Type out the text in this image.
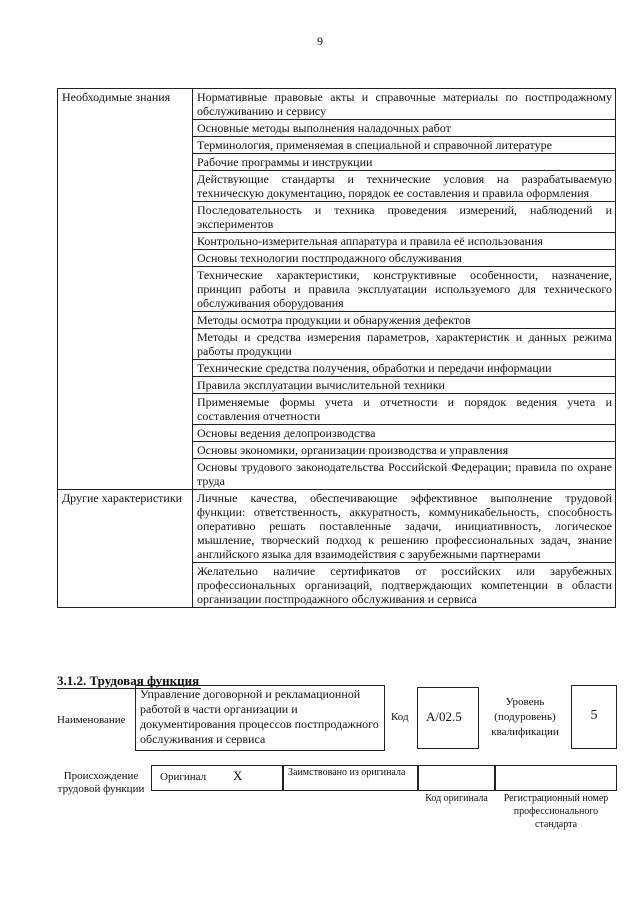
9
Необходимые знания	Нормативные правовые акты и справочные материалы по постпродажному обслуживанию и сервису
	Основные методы выполнения наладочных работ
	Терминология, применяемая в специальной и справочной литературе
	Рабочие программы и инструкции
	Действующие стандарты и технические условия на разрабатываемую техническую документацию, порядок ее составления и правила оформления
	Последовательность и техника проведения измерений, наблюдений и экспериментов
	Контрольно-измерительная аппаратура и правила её использования
	Основы технологии постпродажного обслуживания
	Технические характеристики, конструктивные особенности, назначение, принцип работы и правила эксплуатации используемого для технического обслуживания оборудования
	Методы осмотра продукции и обнаружения дефектов
	Методы и средства измерения параметров, характеристик и данных режима работы продукции
	Технические средства получения, обработки и передачи информации
	Правила эксплуатации вычислительной техники
	Применяемые формы учета и отчетности и порядок ведения учета и составления отчетности
	Основы ведения делопроизводства
	Основы экономики, организации производства и управления
	Основы трудового законодательства Российской Федерации; правила по охране труда
Другие характеристики	Личные качества, обеспечивающие эффективное выполнение трудовой функции: ответственность, аккуратность, коммуникабельность, способность оперативно решать поставленные задачи, инициативность, логическое мышление, творческий подход к решению профессиональных задач, знание английского языка для взаимодействия с зарубежными партнерами
	Желательно наличие сертификатов от российских или зарубежных профессиональных организаций, подтверждающих компетенции в области организации постпродажного обслуживания и сервиса
3.1.2. Трудовая функция
Наименование
Управление договорной и рекламационной работой в части организации и документирования процессов постпродажного обслуживания и сервиса
Код	А/02.5
Уровень (подуровень) квалификации
5
Происхождение трудовой функции
Оригинал X	Заимствовано из оригинала
Код оригинала	Регистрационный номер профессионального стандарта
